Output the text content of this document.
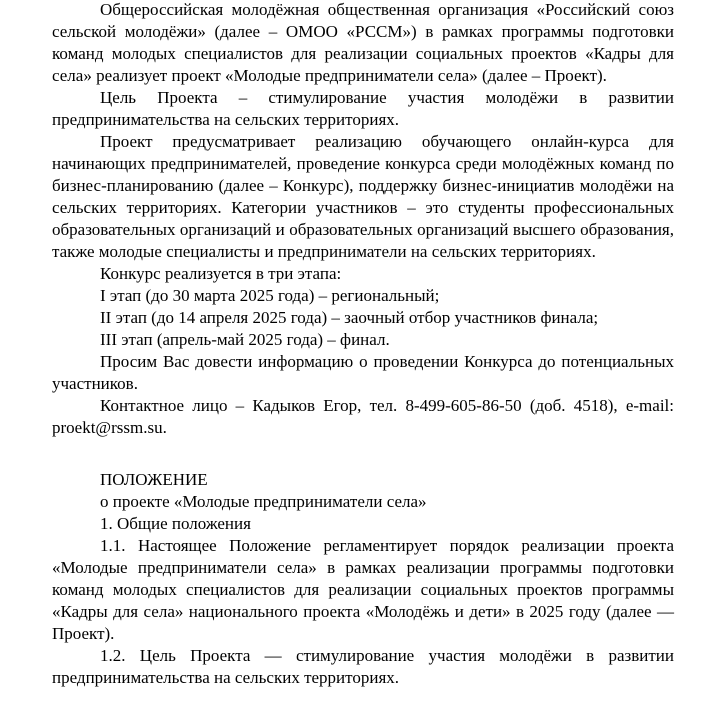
Общероссийская молодёжная общественная организация «Российский союз сельской молодёжи» (далее – ОМОО «РССМ») в рамках программы подготовки команд молодых специалистов для реализации социальных проектов «Кадры для села» реализует проект «Молодые предприниматели села» (далее – Проект).

Цель Проекта – стимулирование участия молодёжи в развитии предпринимательства на сельских территориях.

Проект предусматривает реализацию обучающего онлайн-курса для начинающих предпринимателей, проведение конкурса среди молодёжных команд по бизнес-планированию (далее – Конкурс), поддержку бизнес-инициатив молодёжи на сельских территориях. Категории участников – это студенты профессиональных образовательных организаций и образовательных организаций высшего образования, также молодые специалисты и предприниматели на сельских территориях.

Конкурс реализуется в три этапа:

I этап (до 30 марта 2025 года) – региональный;

II этап (до 14 апреля 2025 года) – заочный отбор участников финала;

III этап (апрель-май 2025 года) – финал.

Просим Вас довести информацию о проведении Конкурса до потенциальных участников.

Контактное лицо – Кадыков Егор, тел. 8-499-605-86-50 (доб. 4518), e-mail: proekt@rssm.su.

ПОЛОЖЕНИЕ

о проекте «Молодые предприниматели села»

1. Общие положения

1.1. Настоящее Положение регламентирует порядок реализации проекта «Молодые предприниматели села» в рамках реализации программы подготовки команд молодых специалистов для реализации социальных проектов программы «Кадры для села» национального проекта «Молодёжь и дети» в 2025 году (далее — Проект).

1.2. Цель Проекта — стимулирование участия молодёжи в развитии предпринимательства на сельских территориях.
